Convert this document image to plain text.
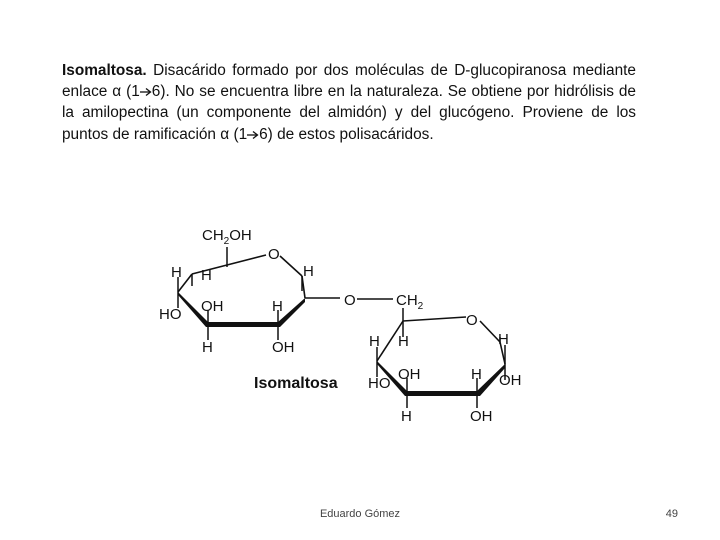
Isomaltosa. Disacárido formado por dos moléculas de D-glucopiranosa mediante enlace α (1 6). No se encuentra libre en la naturaleza. Se obtiene por hidrólisis de la amilopectina (un componente del almidón) y del glucógeno. Proviene de los puntos de ramificación α (1 6) de estos polisacáridos.
$CH_2OH$
O
H H	H
HO OH	H
H	OH
O	$CH_2$
O
H H	H
HO
OH	H OH
H	OH
Isomaltosa
Eduardo Gómez	49
